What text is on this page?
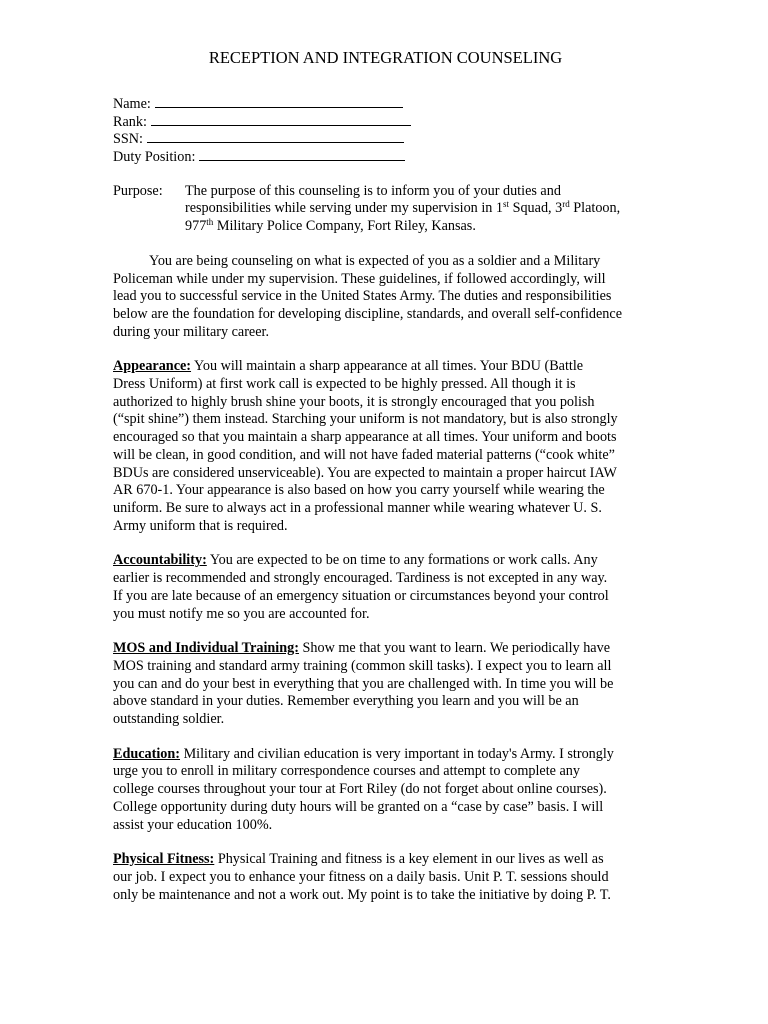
RECEPTION AND INTEGRATION COUNSELING
Name:
Rank:
SSN:
Duty Position:
Purpose:	The purpose of this counseling is to inform you of your duties and
responsibilities while serving under my supervision in 1st Squad, 3rd Platoon,
977th Military Police Company, Fort Riley, Kansas.
You are being counseling on what is expected of you as a soldier and a Military
Policeman while under my supervision. These guidelines, if followed accordingly, will
lead you to successful service in the United States Army. The duties and responsibilities
below are the foundation for developing discipline, standards, and overall self-confidence
during your military career.
Appearance: You will maintain a sharp appearance at all times. Your BDU (Battle
Dress Uniform) at first work call is expected to be highly pressed. All though it is
authorized to highly brush shine your boots, it is strongly encouraged that you polish
(“spit shine”) them instead. Starching your uniform is not mandatory, but is also strongly
encouraged so that you maintain a sharp appearance at all times. Your uniform and boots
will be clean, in good condition, and will not have faded material patterns (“cook white”
BDUs are considered unserviceable). You are expected to maintain a proper haircut IAW
AR 670-1. Your appearance is also based on how you carry yourself while wearing the
uniform. Be sure to always act in a professional manner while wearing whatever U. S.
Army uniform that is required.
Accountability: You are expected to be on time to any formations or work calls. Any
earlier is recommended and strongly encouraged. Tardiness is not excepted in any way.
If you are late because of an emergency situation or circumstances beyond your control
you must notify me so you are accounted for.
MOS and Individual Training: Show me that you want to learn. We periodically have
MOS training and standard army training (common skill tasks). I expect you to learn all
you can and do your best in everything that you are challenged with. In time you will be
above standard in your duties. Remember everything you learn and you will be an
outstanding soldier.
Education: Military and civilian education is very important in today's Army. I strongly
urge you to enroll in military correspondence courses and attempt to complete any
college courses throughout your tour at Fort Riley (do not forget about online courses).
College opportunity during duty hours will be granted on a “case by case” basis. I will
assist your education 100%.
Physical Fitness: Physical Training and fitness is a key element in our lives as well as
our job. I expect you to enhance your fitness on a daily basis. Unit P. T. sessions should
only be maintenance and not a work out. My point is to take the initiative by doing P. T.
